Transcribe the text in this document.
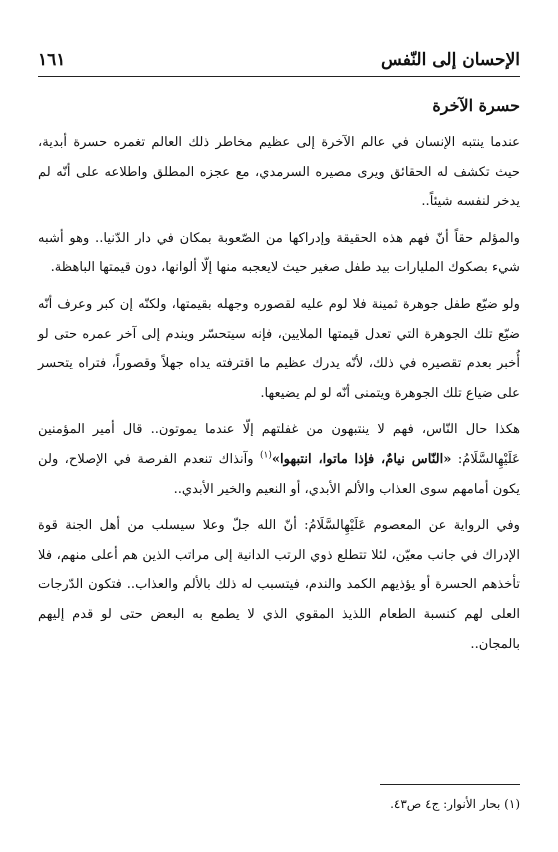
١٦١	الإحسان إلى النّفس
حسرة الآخرة

عندما ينتبه الإنسان في عالم الآخرة إلى عظيم مخاطر ذلك العالم تغمره حسرة أبدية، حيث تكشف له الحقائق ويرى مصيره السرمدي، مع عجزه المطلق واطلاعه على أنّه لم يدخر لنفسه شيئاً..

والمؤلم حقاً أنّ فهم هذه الحقيقة وإدراكها من الصّعوبة بمكان في دار الدّنيا.. وهو أشبه شيء بصكوك المليارات بيد طفل صغير حيث لايعجبه منها إلّا ألوانها، دون قيمتها الباهظة.

ولو ضيّع طفل جوهرة ثمينة فلا لوم عليه لقصوره وجهله بقيمتها، ولكنّه إن كبر وعرف أنّه ضيّع تلك الجوهرة التي تعدل قيمتها الملايين، فإنه سيتحسّر ويندم إلى آخر عمره حتى لو أُخبر بعدم تقصيره في ذلك، لأنّه يدرك عظيم ما اقترفته يداه جهلاً وقصوراً، فتراه يتحسر على ضياع تلك الجوهرة ويتمنى أنّه لو لم يضيعها.

هكذا حال النّاس، فهم لا ينتبهون من غفلتهم إلّا عندما يموتون.. قال أمير المؤمنين عَلَيْهِالسَّلَامُ: «النّاس نيامٌ، فإذا ماتوا، انتبهوا»$^{(١)}$ وآنذاك تنعدم الفرصة في الإصلاح، ولن يكون أمامهم سوى العذاب والألم الأبدي، أو النعيم والخير الأبدي..

وفي الرواية عن المعصوم عَلَيْهِالسَّلَامُ: أنّ الله جلّ وعلا سيسلب من أهل الجنة قوة الإدراك في جانب معيّن، لئلا تتطلع ذوي الرتب الدانية إلى مراتب الذين هم أعلى منهم، فلا تأخذهم الحسرة أو يؤذيهم الكمد والندم، فيتسبب له ذلك بالألم والعذاب.. فتكون الدّرجات العلى لهم كنسبة الطعام اللذيذ المقوي الذي لا يطمع به البعض حتى لو قدم إليهم بالمجان..

(١) بحار الأنوار: ج٤ ص٤٣.
